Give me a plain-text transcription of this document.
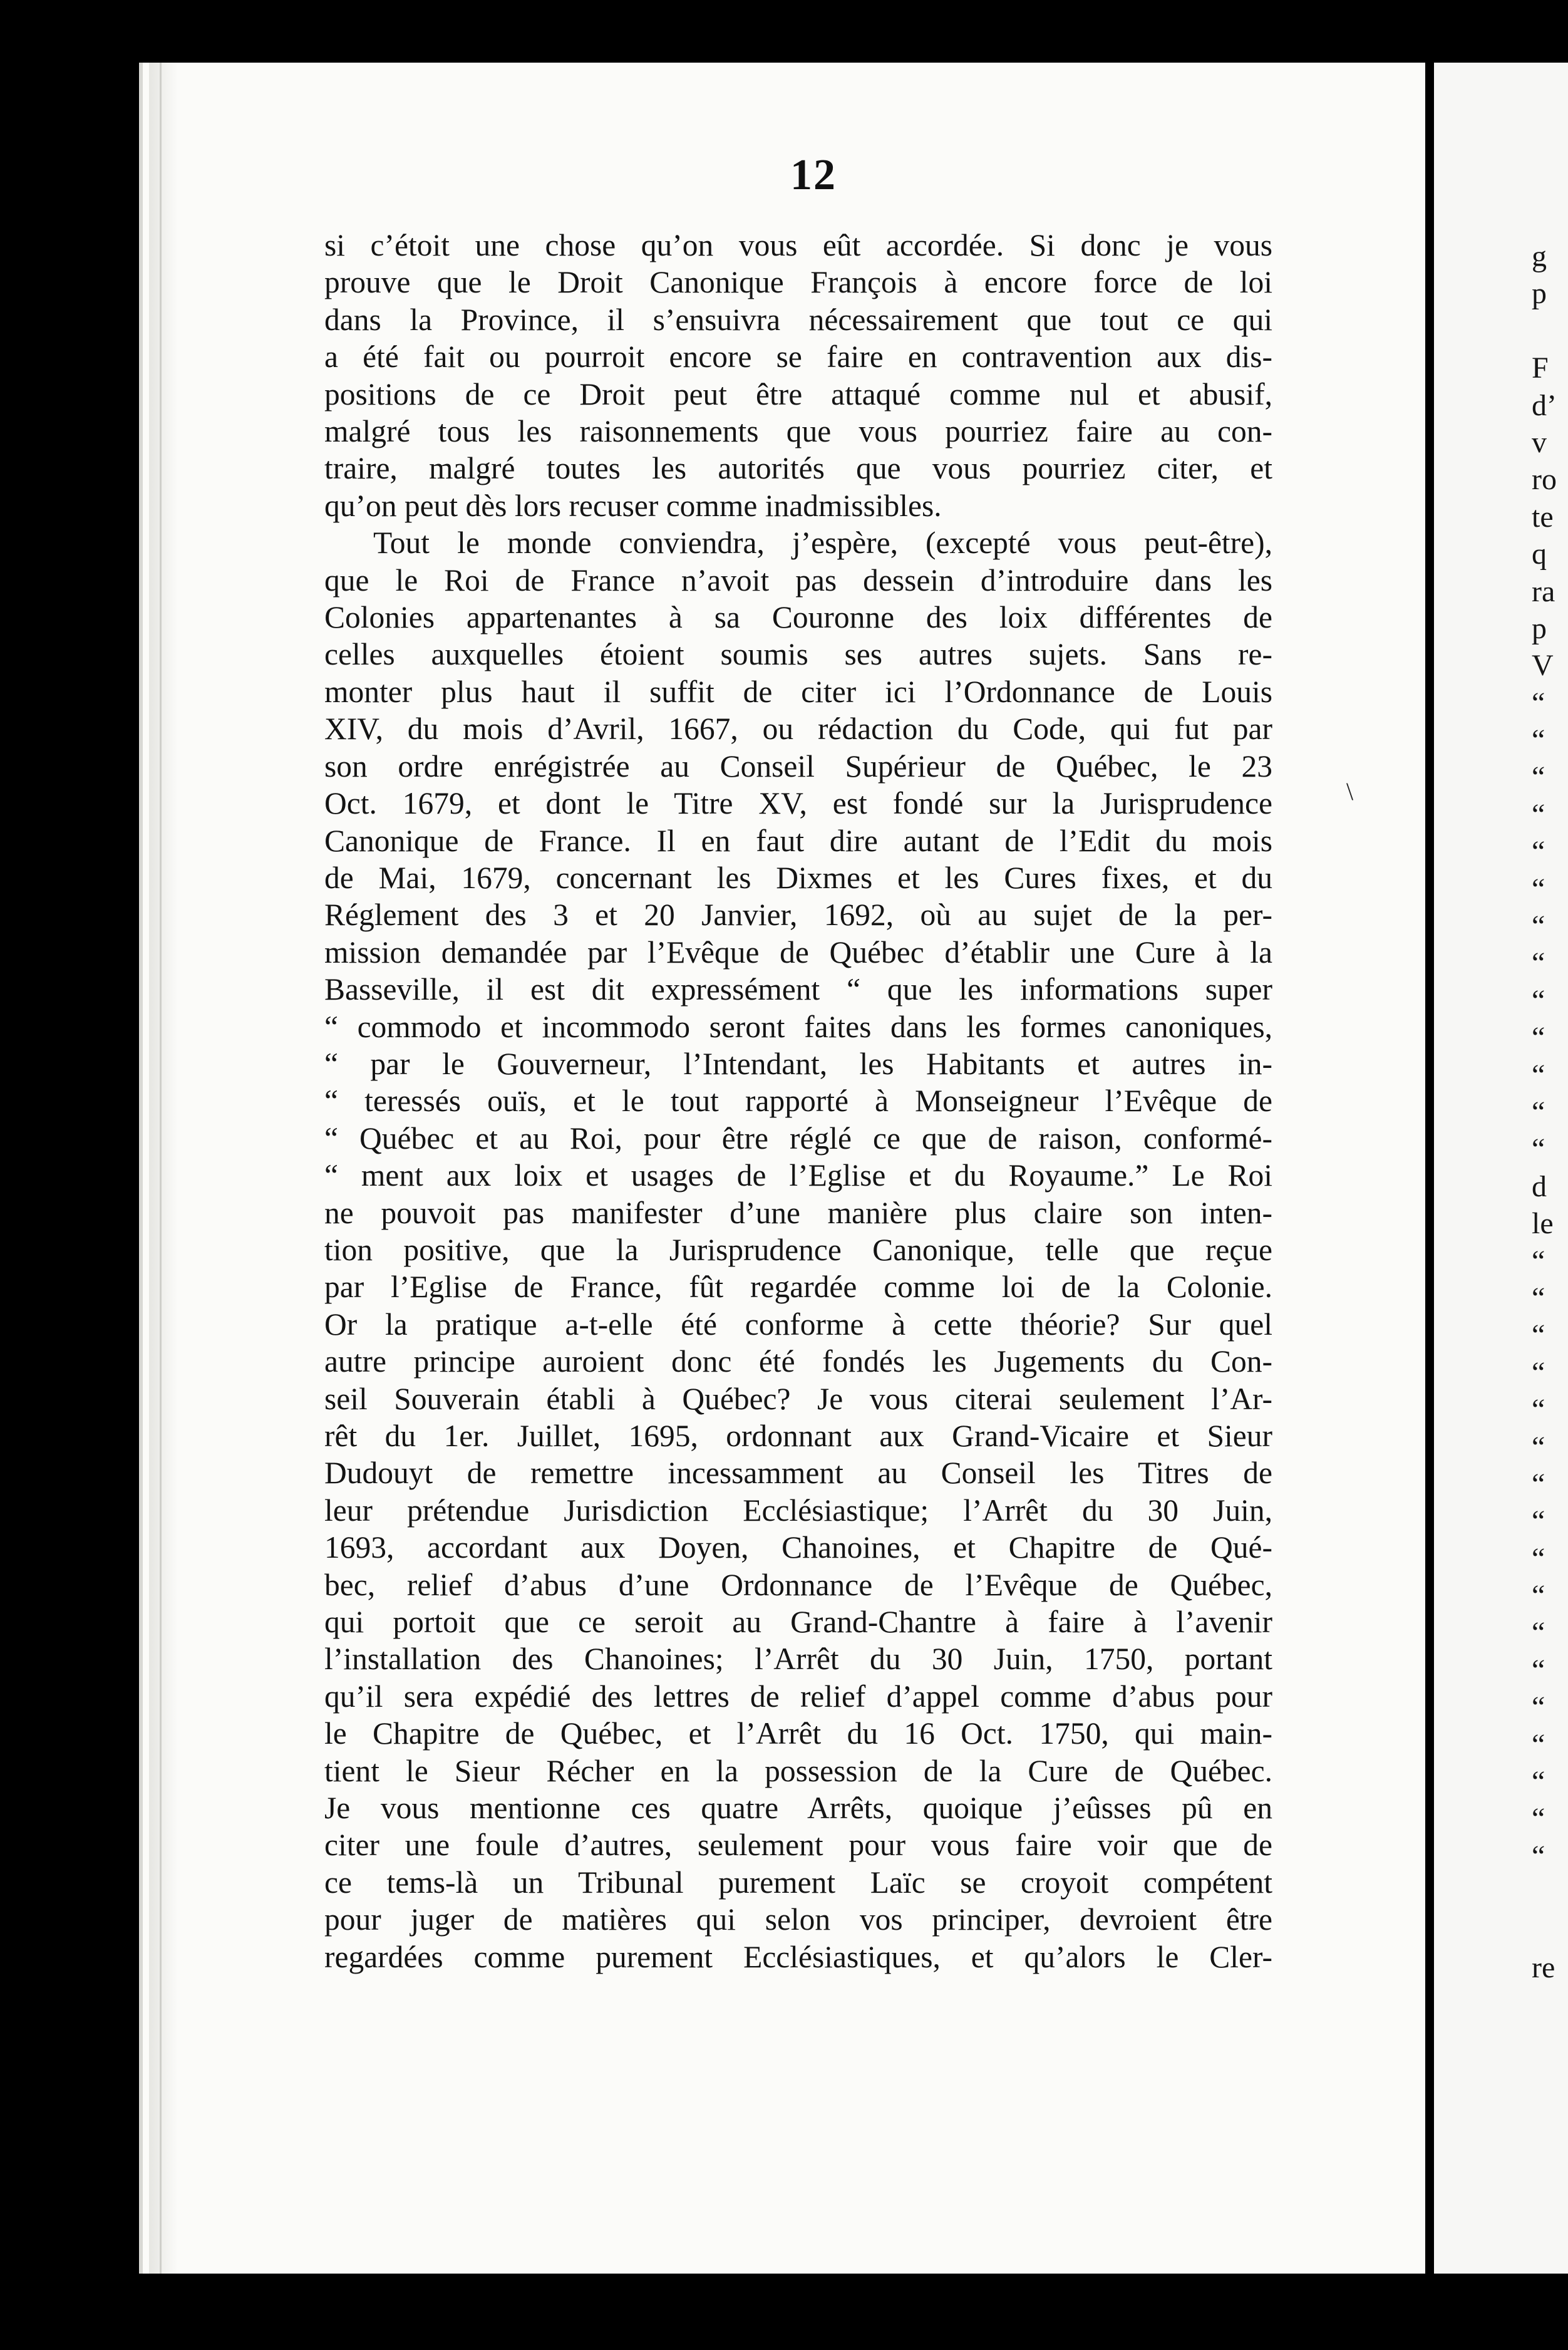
12
si c’étoit une chose qu’on vous eût accordée. Si donc je vous
prouve que le Droit Canonique François à encore force de loi
dans la Province, il s’ensuivra nécessairement que tout ce qui
a été fait ou pourroit encore se faire en contravention aux dis-
positions de ce Droit peut être attaqué comme nul et abusif,
malgré tous les raisonnements que vous pourriez faire au con-
traire, malgré toutes les autorités que vous pourriez citer, et
qu’on peut dès lors recuser comme inadmissibles.
Tout le monde conviendra, j’espère, (excepté vous peut-être),
que le Roi de France n’avoit pas dessein d’introduire dans les
Colonies appartenantes à sa Couronne des loix différentes de
celles auxquelles étoient soumis ses autres sujets. Sans re-
monter plus haut il suffit de citer ici l’Ordonnance de Louis
XIV, du mois d’Avril, 1667, ou rédaction du Code, qui fut par
son ordre enrégistrée au Conseil Supérieur de Québec, le 23
Oct. 1679, et dont le Titre XV, est fondé sur la Jurisprudence
Canonique de France. Il en faut dire autant de l’Edit du mois
de Mai, 1679, concernant les Dixmes et les Cures fixes, et du
Réglement des 3 et 20 Janvier, 1692, où au sujet de la per-
mission demandée par l’Evêque de Québec d’établir une Cure à la
Basseville, il est dit expressément “ que les informations super
“ commodo et incommodo seront faites dans les formes canoniques,
“ par le Gouverneur, l’Intendant, les Habitants et autres in-
“ teressés ouïs, et le tout rapporté à Monseigneur l’Evêque de
“ Québec et au Roi, pour être réglé ce que de raison, conformé-
“ ment aux loix et usages de l’Eglise et du Royaume.” Le Roi
ne pouvoit pas manifester d’une manière plus claire son inten-
tion positive, que la Jurisprudence Canonique, telle que reçue
par l’Eglise de France, fût regardée comme loi de la Colonie.
Or la pratique a-t-elle été conforme à cette théorie? Sur quel
autre principe auroient donc été fondés les Jugements du Con-
seil Souverain établi à Québec? Je vous citerai seulement l’Ar-
rêt du 1er. Juillet, 1695, ordonnant aux Grand-Vicaire et Sieur
Dudouyt de remettre incessamment au Conseil les Titres de
leur prétendue Jurisdiction Ecclésiastique; l’Arrêt du 30 Juin,
1693, accordant aux Doyen, Chanoines, et Chapitre de Qué-
bec, relief d’abus d’une Ordonnance de l’Evêque de Québec,
qui portoit que ce seroit au Grand-Chantre à faire à l’avenir
l’installation des Chanoines; l’Arrêt du 30 Juin, 1750, portant
qu’il sera expédié des lettres de relief d’appel comme d’abus pour
le Chapitre de Québec, et l’Arrêt du 16 Oct. 1750, qui main-
tient le Sieur Récher en la possession de la Cure de Québec.
Je vous mentionne ces quatre Arrêts, quoique j’eûsses pû en
citer une foule d’autres, seulement pour vous faire voir que de
ce tems-là un Tribunal purement Laïc se croyoit compétent
pour juger de matières qui selon vos principer, devroient être
regardées comme purement Ecclésiastiques, et qu’alors le Cler-
g
p
F
d’
v
ro
te
q
ra
p
V
“
“
“
“
“
“
“
“
“
“
“
“
“
d
le
“
“
“
“
“
“
“
“
“
“
“
“
“
“
“
“
“
re
\
